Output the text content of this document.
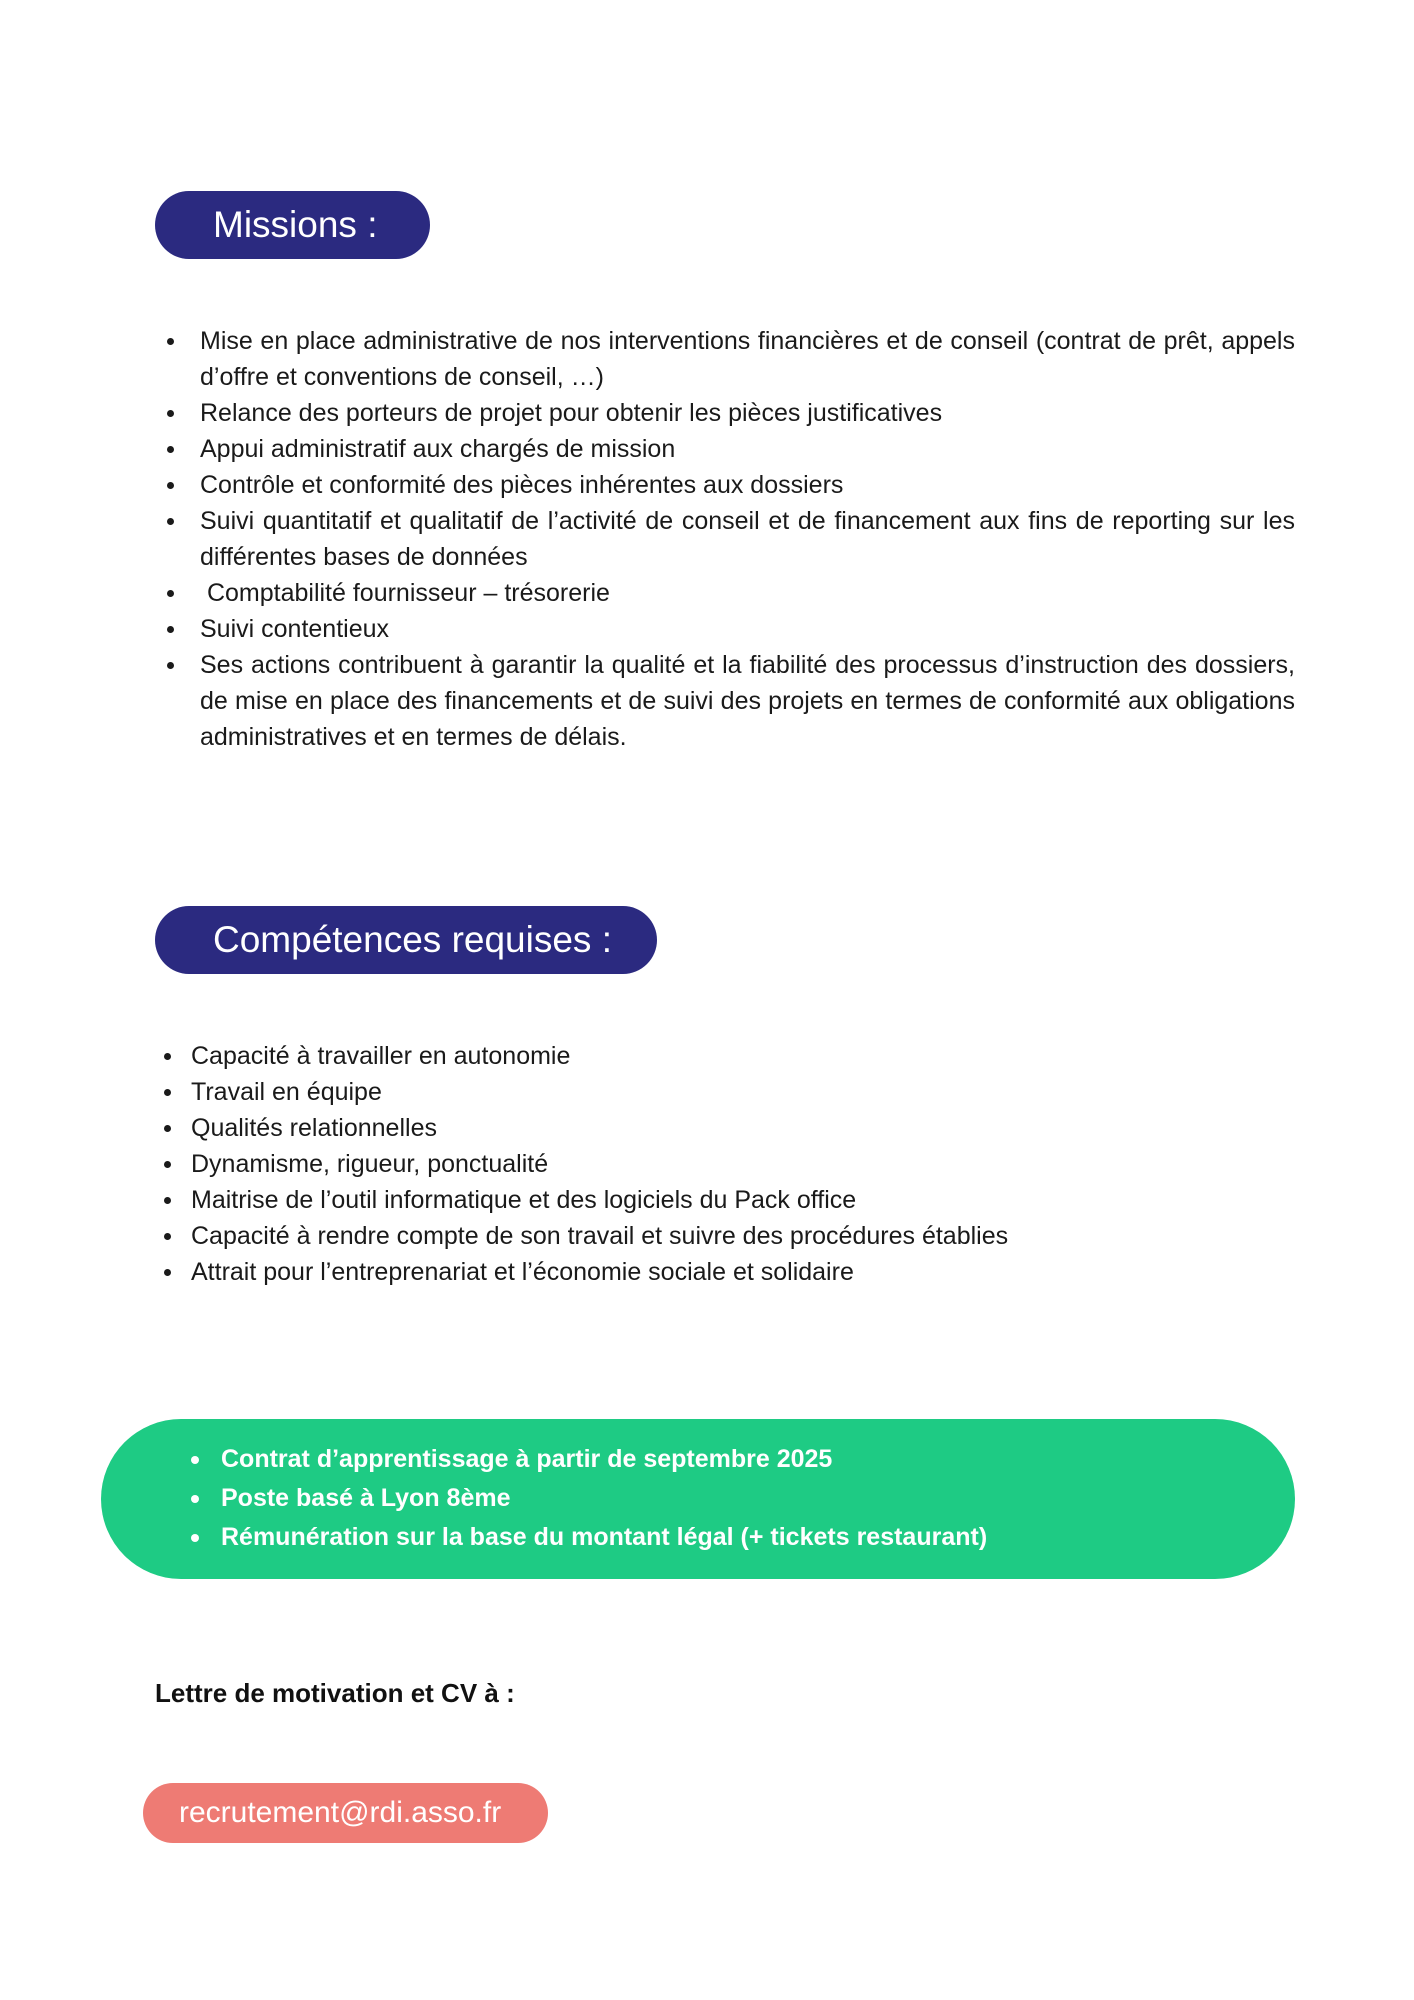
Missions :
Mise en place administrative de nos interventions financières et de conseil (contrat de prêt, appels d’offre et conventions de conseil, …)
Relance des porteurs de projet pour obtenir les pièces justificatives
Appui administratif aux chargés de mission
Contrôle et conformité des pièces inhérentes aux dossiers
Suivi quantitatif et qualitatif de l’activité de conseil et de financement aux fins de reporting sur les différentes bases de données
Comptabilité fournisseur – trésorerie
Suivi contentieux
Ses actions contribuent à garantir la qualité et la fiabilité des processus d’instruction des dossiers, de mise en place des financements et de suivi des projets en termes de conformité aux obligations administratives et en termes de délais.
Compétences requises :
Capacité à travailler en autonomie
Travail en équipe
Qualités relationnelles
Dynamisme, rigueur, ponctualité
Maitrise de l’outil informatique et des logiciels du Pack office
Capacité à rendre compte de son travail et suivre des procédures établies
Attrait pour l’entreprenariat et l’économie sociale et solidaire
Contrat d’apprentissage à partir de septembre 2025
Poste basé à Lyon 8ème
Rémunération sur la base du montant légal (+ tickets restaurant)
Lettre de motivation et CV à :
recrutement@rdi.asso.fr
